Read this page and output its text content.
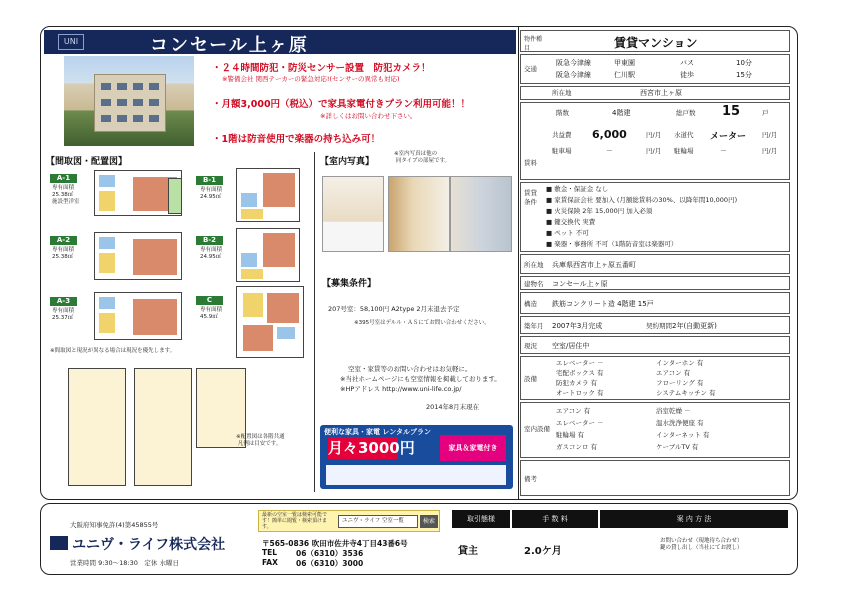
UNI	コンセール上ヶ原
・２４時間防犯・防災センサー設置　防犯カメラ！
※警備会社 関西テーカーの緊急対応!(センサーの異常も対応)
・月額3,000円（税込）で家具家電付きプラン利用可能！！
※詳しくはお問い合わせ下さい。
・1階は防音使用で楽器の持ち込み可！
【間取図・配置図】	【室内写真】
※室内写真は他の
同タイプの部屋です。
A-1
専有面積
25.38㎡
施設型洋室
A-2
専有面積
25.38㎡
A-3
専有面積
25.37㎡
B-1
専有面積
24.95㎡
B-2
専有面積
24.95㎡
C
専有面積
45.9㎡
※間取図と現況が異なる場合は現況を優先します。
※配置図は各階共通
凡例は目安です。
【募集条件】
207号室：58,100円 A2type 2月末退去予定
※395号室はデルル・ＡＳにてお問い合わせください。
空室・家賃等のお問い合わせはお気軽に。
※当社ホームページにも空室情報を掲載しております。
※HPアドレス http://www.uni-life.co.jp/
2014年8月末現在
便利な家具・家電 レンタルプラン
月々3000円	家具＆家電付き
物件種目	賃貸マンション
交通
阪急今津線	甲東園	バス	10分
阪急今津線	仁川駅	徒歩	15分
所在地	西宮市上ヶ原
賃料
階数	4階建	総戸数 15	戸
共益費 6,000	円/月 水道代 メーター 円/月
駐車場	－	円/月 駐輪場	－	円/月
賃貸条件
■ 敷金・保証金 なし
■ 家賃保証会社 要加入 (月額総賃料の30%、以降年間10,000円)
■ 火災保険 2年 15,000円 加入必須
■ 鍵交換代 実費
■ ペット 不可
■ 楽器・事務所 不可（1階防音室は楽器可）
所在地 兵庫県西宮市上ヶ原五番町
建物名 コンセール上ヶ原
構造 鉄筋コンクリート造 4階建 15戸
築年月 2007年3月完成	契約期間 2年(自動更新)
現況 空室/居住中
設備
エレベーター －
宅配ボックス 有
防犯カメラ 有
オートロック 有
インターホン 有
エアコン 有
フローリング 有
システムキッチン 有
室内設備
エアコン 有
エレベーター －
駐輪場 有
ガスコンロ 有
浴室乾燥 －
温水洗浄便座 有
インターネット 有
ケーブルTV 有
備考
大阪府知事免許(4)第45855号
ユニヴ・ライフ株式会社
営業時間 9:30～18:30　定休 水曜日
最新の空室一覧は検索可能です！簡単に閲覧・検索頂けます。
ユニヴ・ライフ 空室一覧	検索
〒565-0836 吹田市佐井寺4丁目43番6号
TEL	06（6310）3536
FAX 06（6310）3000
取引態様	手 数 料	案 内 方 法
貸主	2.0ケ月
お問い合わせ（現地待ち合わせ）
鍵の貸し出し（当社にてお渡し）
